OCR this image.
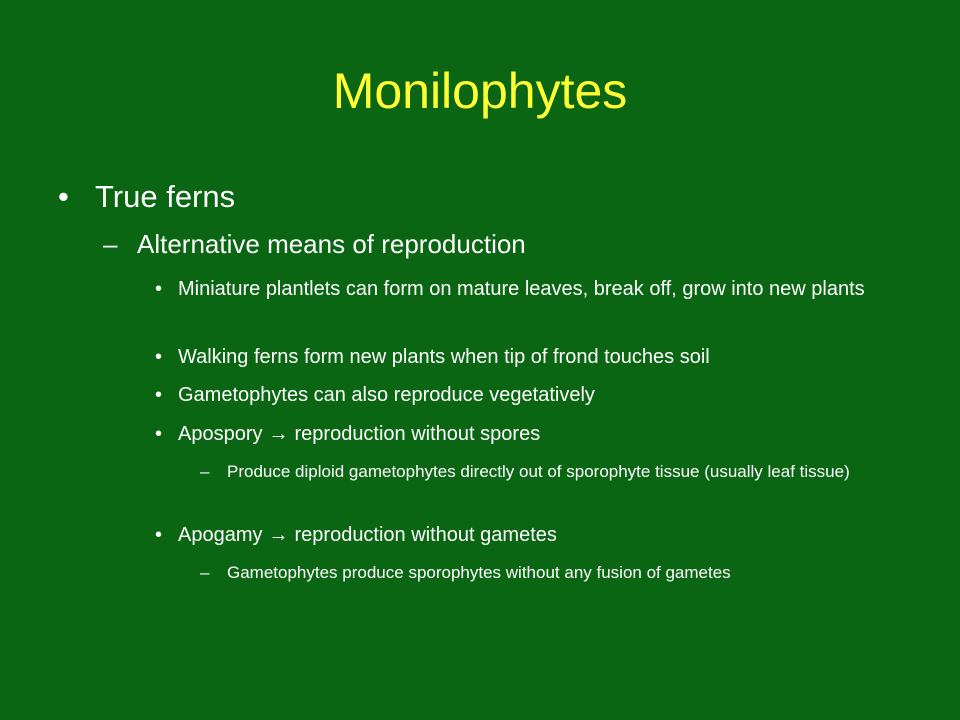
Monilophytes
• True ferns
– Alternative means of reproduction
• Miniature plantlets can form on mature leaves, break off, grow into new plants
• Walking ferns form new plants when tip of frond touches soil
• Gametophytes can also reproduce vegetatively
• Apospory → reproduction without spores
–	Produce diploid gametophytes directly out of sporophyte tissue (usually leaf tissue)
• Apogamy → reproduction without gametes
–	Gametophytes produce sporophytes without any fusion of gametes
